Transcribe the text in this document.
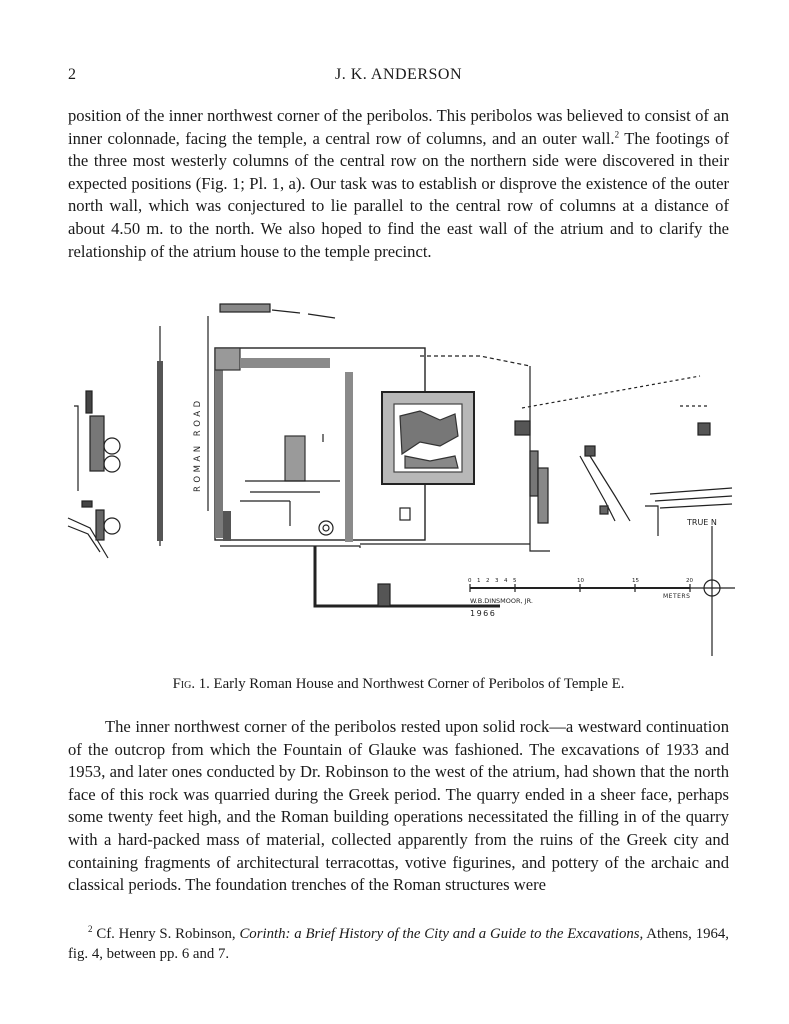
2	J. K. ANDERSON

position of the inner northwest corner of the peribolos. This peribolos was believed to consist of an inner colonnade, facing the temple, a central row of columns, and an outer wall.$^2$ The footings of the three most westerly columns of the central row on the northern side were discovered in their expected positions (Fig. 1; Pl. 1, a). Our task was to establish or disprove the existence of the outer north wall, which was conjectured to lie parallel to the central row of columns at a distance of about 4.50 m. to the north. We also hoped to find the east wall of the atrium and to clarify the relationship of the atrium house to the temple precinct.

ROMAN ROAD
TRUE N
0 1 2 3 4 5	10	15	20
METERS
W.B.DINSMOOR, JR.
1966
Fig. 1. Early Roman House and Northwest Corner of Peribolos of Temple E.

The inner northwest corner of the peribolos rested upon solid rock—a westward continuation of the outcrop from which the Fountain of Glauke was fashioned. The excavations of 1933 and 1953, and later ones conducted by Dr. Robinson to the west of the atrium, had shown that the north face of this rock was quarried during the Greek period. The quarry ended in a sheer face, perhaps some twenty feet high, and the Roman building operations necessitated the filling in of the quarry with a hard-packed mass of material, collected apparently from the ruins of the Greek city and containing fragments of architectural terracottas, votive figurines, and pottery of the archaic and classical periods. The foundation trenches of the Roman structures were

$^2$ Cf. Henry S. Robinson, Corinth: a Brief History of the City and a Guide to the Excavations, Athens, 1964, fig. 4, between pp. 6 and 7.
